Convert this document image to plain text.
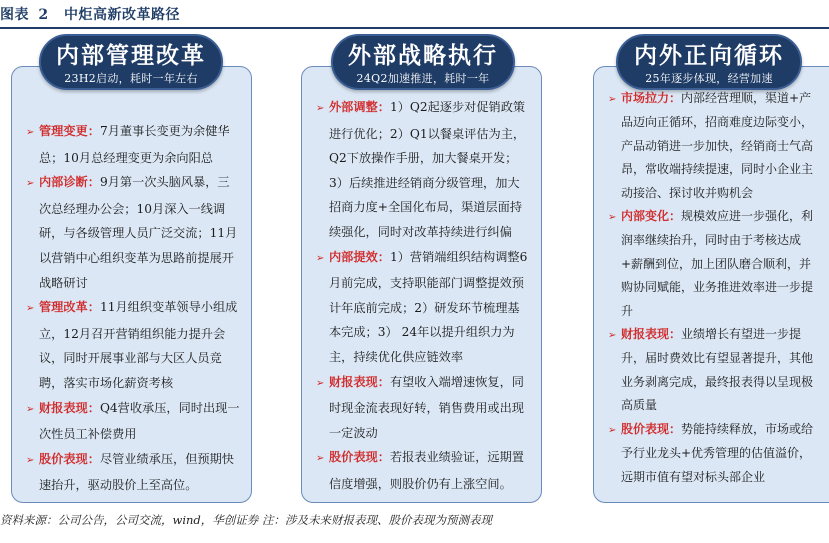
图表 2 中炬高新改革路径
➢ 管理变更：7月董事长变更为余健华总；10月总经理变更为余向阳总
➢ 内部诊断：9月第一次头脑风暴，三次总经理办公会；10月深入一线调研，与各级管理人员广泛交流；11月以营销中心组织变革为思路前提展开战略研讨
➢ 管理改革：11月组织变革领导小组成立，12月召开营销组织能力提升会议，同时开展事业部与大区人员竞聘，落实市场化薪资考核
➢ 财报表现：Q4营收承压，同时出现一次性员工补偿费用
➢ 股价表现：尽管业绩承压，但预期快速抬升，驱动股价上至高位。
➢ 外部调整：1）Q2起逐步对促销政策进行优化；2）Q1以餐桌评估为主，Q2下放操作手册，加大餐桌开发；3）后续推进经销商分级管理，加大招商力度+全国化布局，渠道层面持续强化，同时对改革持续进行纠偏
➢ 内部提效：1）营销端组织结构调整6月前完成，支持职能部门调整提效预计年底前完成；2）研发环节梳理基本完成；3） 24年以提升组织力为主，持续优化供应链效率
➢ 财报表现：有望收入端增速恢复，同时现金流表现好转，销售费用或出现一定波动
➢ 股价表现：若报表业绩验证，远期置信度增强，则股价仍有上涨空间。
➢ 市场拉力：内部经营理顺，渠道+产品迈向正循环，招商难度边际变小，产品动销进一步加快，经销商士气高昂，常收端持续提速，同时小企业主动接洽、探讨收并购机会
➢ 内部变化：规模效应进一步强化，利润率继续抬升，同时由于考核达成+薪酬到位，加上团队磨合顺利，并购协同赋能，业务推进效率进一步提升
➢ 财报表现：业绩增长有望进一步提升，届时费效比有望显著提升，其他业务剥离完成，最终报表得以呈现极高质量
➢ 股价表现：势能持续释放，市场或给予行业龙头+优秀管理的估值溢价，远期市值有望对标头部企业
内部管理改革
23H2启动，耗时一年左右
外部战略执行
24Q2加速推进，耗时一年
内外正向循环
25年逐步体现，经营加速
资料来源：公司公告，公司交流，wind，华创证券 注：涉及未来财报表现、股价表现为预测表现
